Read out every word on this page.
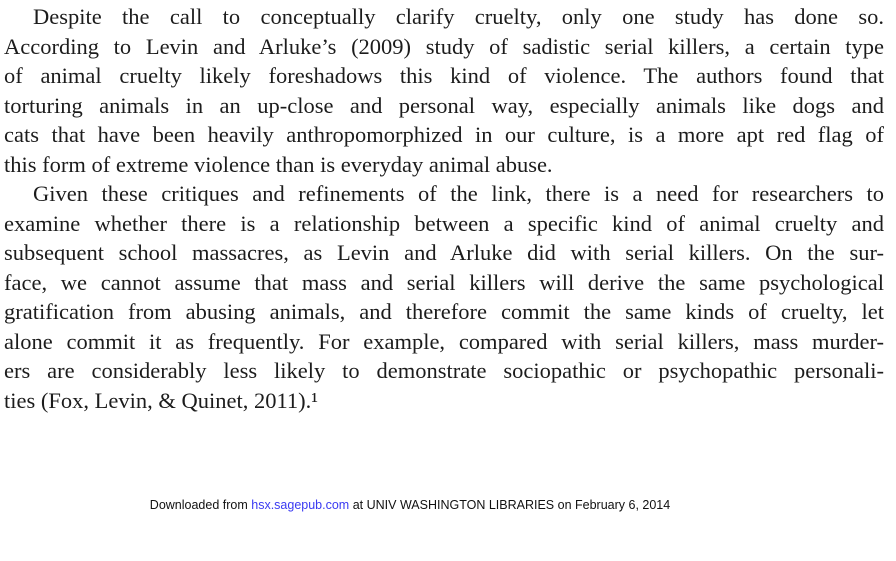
Despite the call to conceptually clarify cruelty, only one study has done so.
According to Levin and Arluke’s (2009) study of sadistic serial killers, a certain type
of animal cruelty likely foreshadows this kind of violence. The authors found that
torturing animals in an up-close and personal way, especially animals like dogs and
cats that have been heavily anthropomorphized in our culture, is a more apt red flag of
this form of extreme violence than is everyday animal abuse.
Given these critiques and refinements of the link, there is a need for researchers to
examine whether there is a relationship between a specific kind of animal cruelty and
subsequent school massacres, as Levin and Arluke did with serial killers. On the sur-
face, we cannot assume that mass and serial killers will derive the same psychological
gratification from abusing animals, and therefore commit the same kinds of cruelty, let
alone commit it as frequently. For example, compared with serial killers, mass murder-
ers are considerably less likely to demonstrate sociopathic or psychopathic personali-
ties (Fox, Levin, & Quinet, 2011).¹
Downloaded from hsx.sagepub.com at UNIV WASHINGTON LIBRARIES on February 6, 2014
